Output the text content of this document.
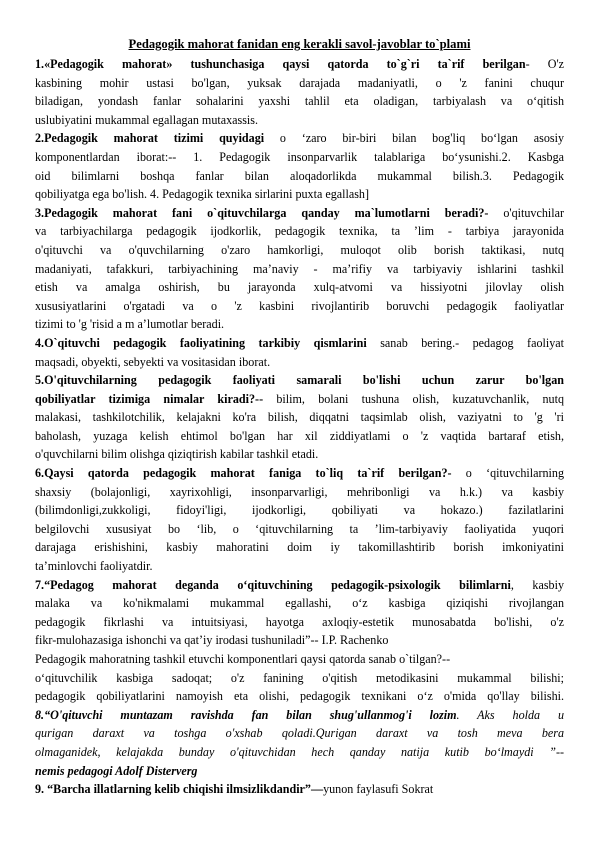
Pedagogik mahorat fanidan eng kerakli savol-javoblar to`plami
1.«Pedagogik mahorat» tushunchasiga qaysi qatorda to`g`ri ta`rif berilgan- O'z
kasbining mohir ustasi bo'lgan, yuksak darajada madaniyatli, o 'z fanini chuqur
biladigan, yondash fanlar sohalarini yaxshi tahlil eta oladigan, tarbiyalash va o‘qitish
uslubiyatini mukammal egallagan mutaxassis.
2.Pedagogik mahorat tizimi quyidagi o ‘zaro bir-biri bilan bog'liq bo‘lgan asosiy
komponentlardan iborat:-- 1. Pedagogik insonparvarlik talablariga bo‘ysunishi.2. Kasbga
oid bilimlarni boshqa fanlar bilan aloqadorlikda mukammal bilish.3. Pedagogik
qobiliyatga ega bo'lish. 4. Pedagogik texnika sirlarini puxta egallash]
3.Pedagogik mahorat fani o`qituvchilarga qanday ma`lumotlarni beradi?- o'qituvchilar
va tarbiyachilarga pedagogik ijodkorlik, pedagogik texnika, ta ’lim - tarbiya jarayonida
o'qituvchi va o'quvchilarning o'zaro hamkorligi, muloqot olib borish taktikasi, nutq
madaniyati, tafakkuri, tarbiyachining ma’naviy - ma’rifiy va tarbiyaviy ishlarini tashkil
etish va amalga oshirish, bu jarayonda xulq-atvomi va hissiyotni jilovlay olish
xususiyatlarini o'rgatadi va o 'z kasbini rivojlantirib boruvchi pedagogik faoliyatlar
tizimi to 'g 'risid a m a’lumotlar beradi.
4.O`qituvchi pedagogik faoliyatining tarkibiy qismlarini sanab bering.- pedagog faoliyat
maqsadi, obyekti, sebyekti va vositasidan iborat.
5.O'qituvchilarning pedagogik faoliyati samarali bo'lishi uchun zarur bo'lgan
qobiliyatlar tizimiga nimalar kiradi?-- bilim, bolani tushuna olish, kuzatuvchanlik, nutq
malakasi, tashkilotchilik, kelajakni ko'ra bilish, diqqatni taqsimlab olish, vaziyatni to 'g 'ri
baholash, yuzaga kelish ehtimol bo'lgan har xil ziddiyatlami o 'z vaqtida bartaraf etish,
o'quvchilarni bilim olishga qiziqtirish kabilar tashkil etadi.
6.Qaysi qatorda pedagogik mahorat faniga to`liq ta`rif berilgan?- o ‘qituvchilarning
shaxsiy (bolajonligi, xayrixohligi, insonparvarligi, mehribonligi va h.k.) va kasbiy
(bilimdonligi,zukkoligi, fidoyi'ligi, ijodkorligi, qobiliyati va hokazo.) fazilatlarini
belgilovchi xususiyat bo ‘lib, o ‘qituvchilarning ta ’lim-tarbiyaviy faoliyatida yuqori
darajaga erishishini, kasbiy mahoratini doim iy takomillashtirib borish imkoniyatini
ta’minlovchi faoliyatdir.
7.“Pedagog mahorat deganda o‘qituvchining pedagogik-psixologik bilimlarni, kasbiy
malaka va ko'nikmalami mukammal egallashi, o‘z kasbiga qiziqishi rivojlangan
pedagogik fikrlashi va intuitsiyasi, hayotga axloqiy-estetik munosabatda bo'lishi, o'z
fikr-mulohazasiga ishonchi va qat’iy irodasi tushuniladi”-- I.P. Rachenko
Pedagogik mahoratning tashkil etuvchi komponentlari qaysi qatorda sanab o`tilgan?--
o‘qituvchilik kasbiga sadoqat; o'z fanining o'qitish metodikasini mukammal bilishi;
pedagogik qobiliyatlarini namoyish eta olishi, pedagogik texnikani o‘z o'mida qo'llay bilishi.
8.“O'qituvchi muntazam ravishda fan bilan shug'ullanmog'i lozim. Aks holda u
qurigan daraxt va toshga o'xshab qoladi.Qurigan daraxt va tosh meva bera
olmaganidek, kelajakda bunday o'qituvchidan hech qanday natija kutib bo‘lmaydi ”--
nemis pedagogi Adolf Disterverg
9. “Barcha illatlarning kelib chiqishi ilmsizlikdandir”—yunon faylasufi Sokrat
